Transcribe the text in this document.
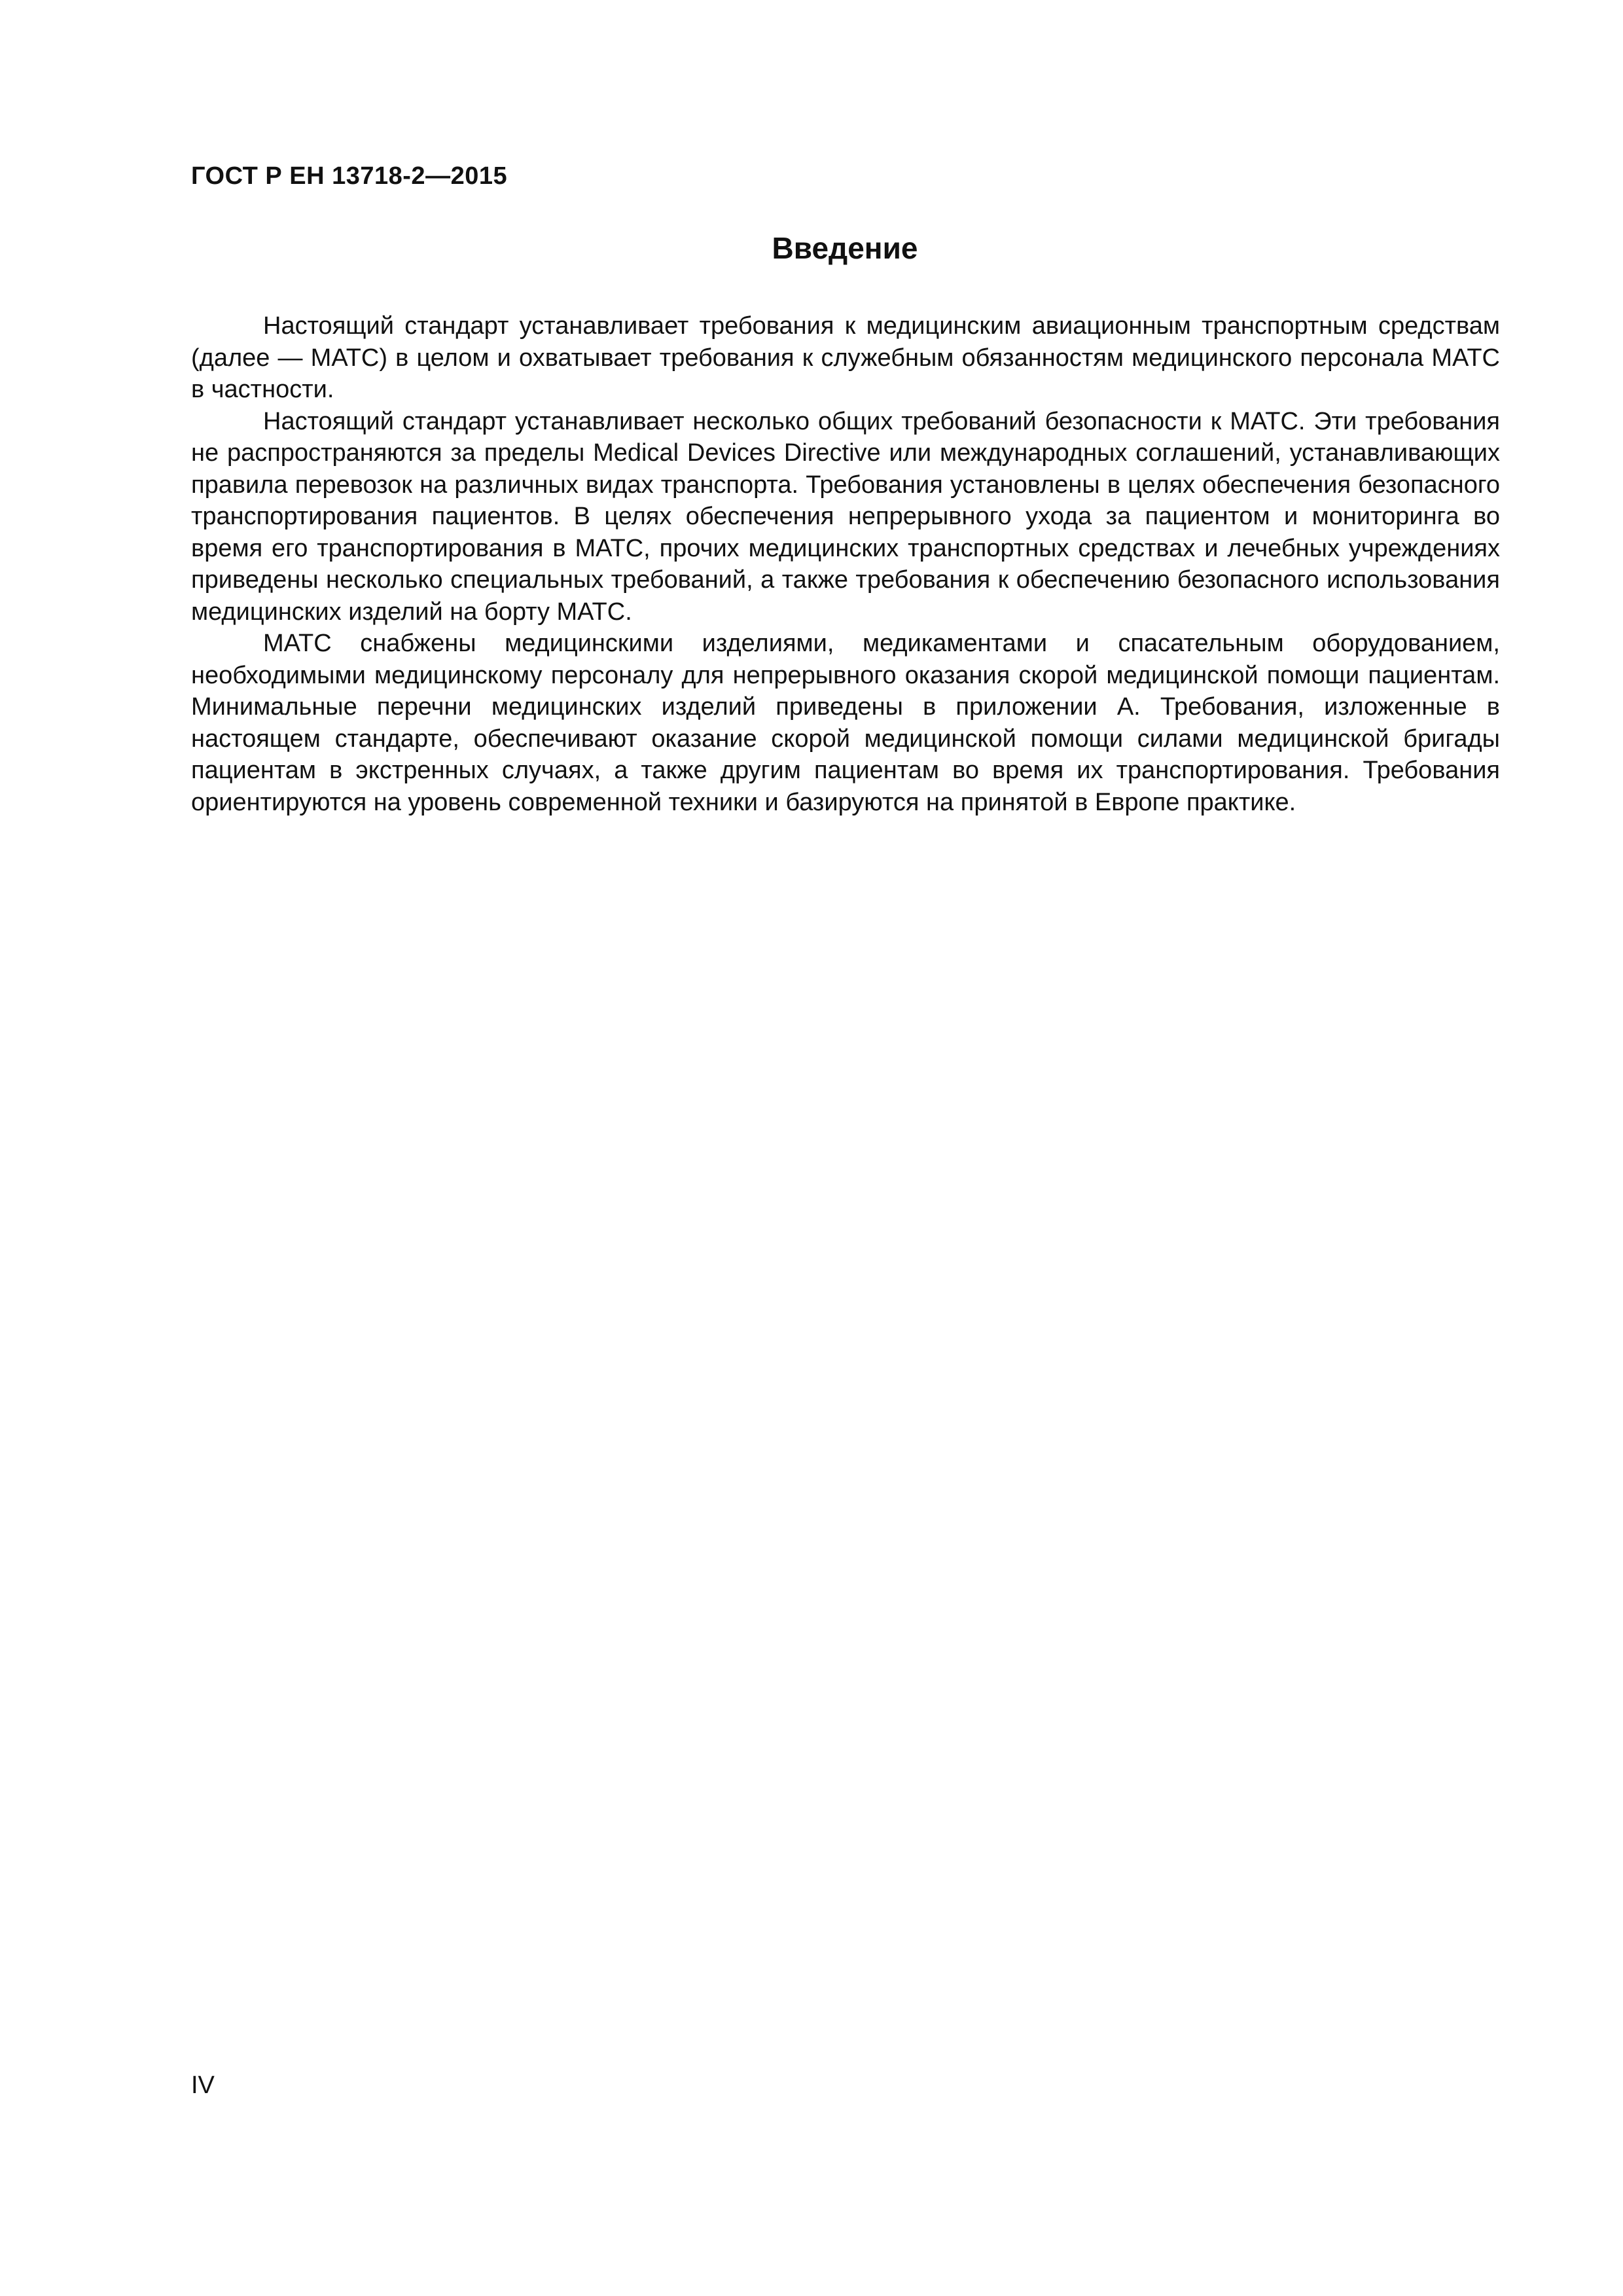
ГОСТ Р ЕН 13718-2—2015
Введение

Настоящий стандарт устанавливает требования к медицинским авиационным транспортным средствам (далее — МАТС) в целом и охватывает требования к служебным обязанностям медицинского персонала МАТС в частности.

Настоящий стандарт устанавливает несколько общих требований безопасности к МАТС. Эти требования не распространяются за пределы Medical Devices Directive или международных соглашений, устанавливающих правила перевозок на различных видах транспорта. Требования установлены в целях обеспечения безопасного транспортирования пациентов. В целях обеспечения непрерывного ухода за пациентом и мониторинга во время его транспортирования в МАТС, прочих медицинских транспортных средствах и лечебных учреждениях приведены несколько специальных требований, а также требования к обеспечению безопасного использования медицинских изделий на борту МАТС.

МАТС снабжены медицинскими изделиями, медикаментами и спасательным оборудованием, необходимыми медицинскому персоналу для непрерывного оказания скорой медицинской помощи пациентам. Минимальные перечни медицинских изделий приведены в приложении А. Требования, изложенные в настоящем стандарте, обеспечивают оказание скорой медицинской помощи силами медицинской бригады пациентам в экстренных случаях, а также другим пациентам во время их транспортирования. Требования ориентируются на уровень современной техники и базируются на принятой в Европе практике.

IV
